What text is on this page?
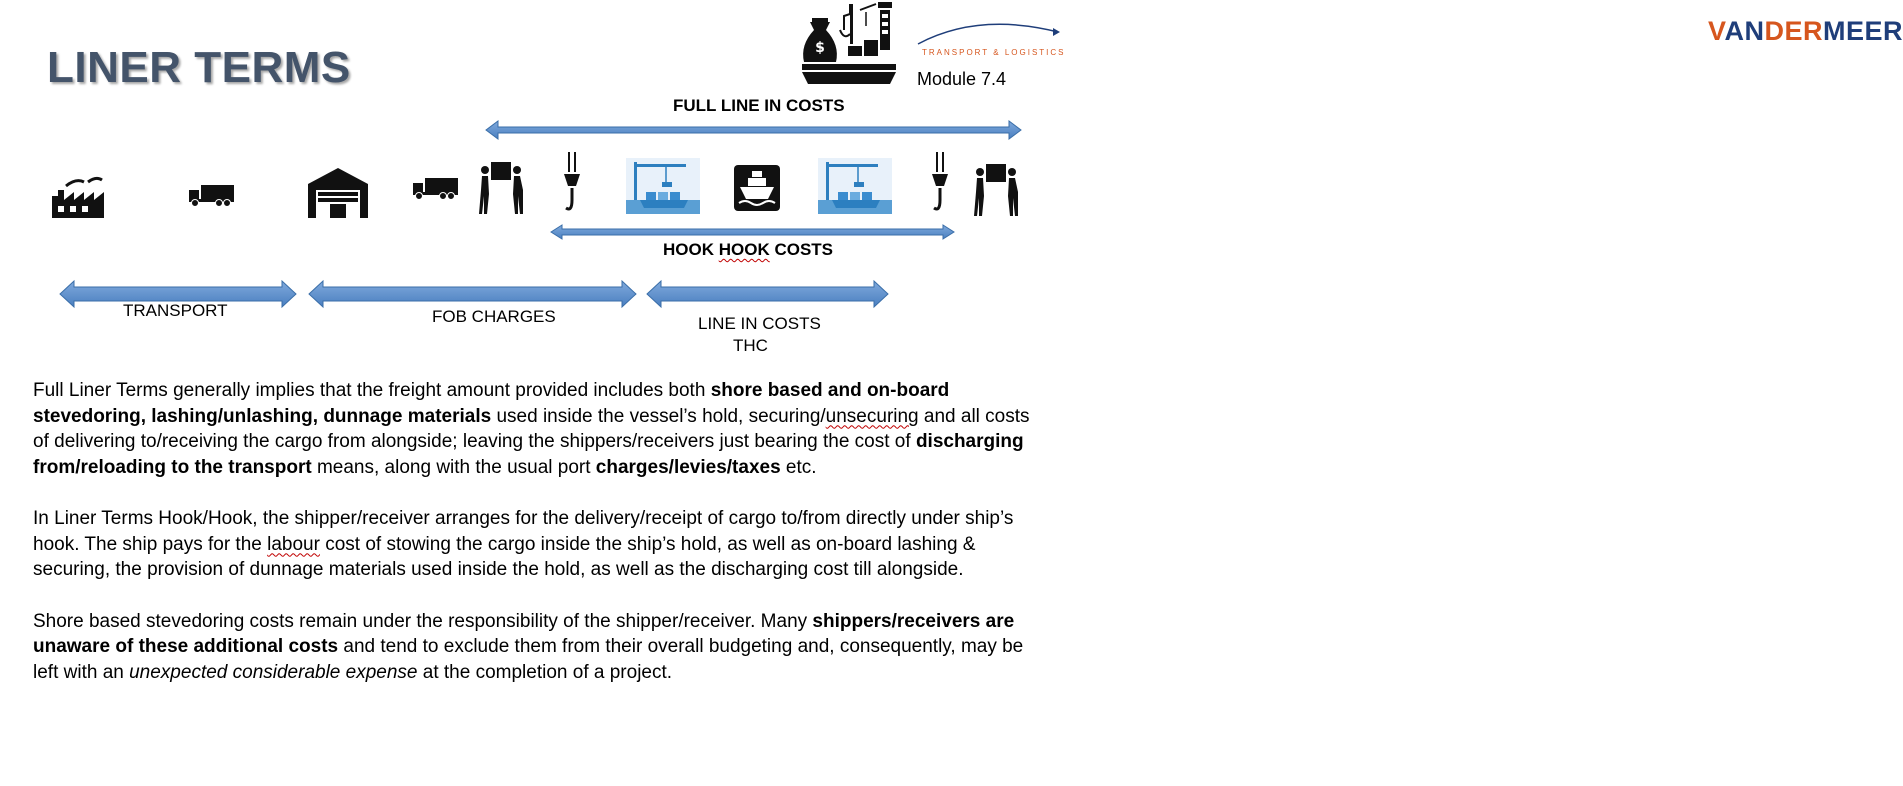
LINER TERMS	$
VANDERMEER
TRANSPORT & LOGISTICS
Module 7.4
FULL LINE IN COSTS
HOOK HOOK COSTS
TRANSPORT	FOB CHARGES	LINE IN COSTS
THC

Full Liner Terms generally implies that the freight amount provided includes both shore based and on-board stevedoring, lashing/unlashing, dunnage materials used inside the vessel’s hold, securing/unsecuring and all costs of delivering to/receiving the cargo from alongside; leaving the shippers/receivers just bearing the cost of discharging from/reloading to the transport means, along with the usual port charges/levies/taxes etc.

In Liner Terms Hook/Hook, the shipper/receiver arranges for the delivery/receipt of cargo to/from directly under ship’s hook. The ship pays for the labour cost of stowing the cargo inside the ship’s hold, as well as on-board lashing & securing, the provision of dunnage materials used inside the hold, as well as the discharging cost till alongside.

Shore based stevedoring costs remain under the responsibility of the shipper/receiver. Many shippers/receivers are unaware of these additional costs and tend to exclude them from their overall budgeting and, consequently, may be left with an unexpected considerable expense at the completion of a project.
